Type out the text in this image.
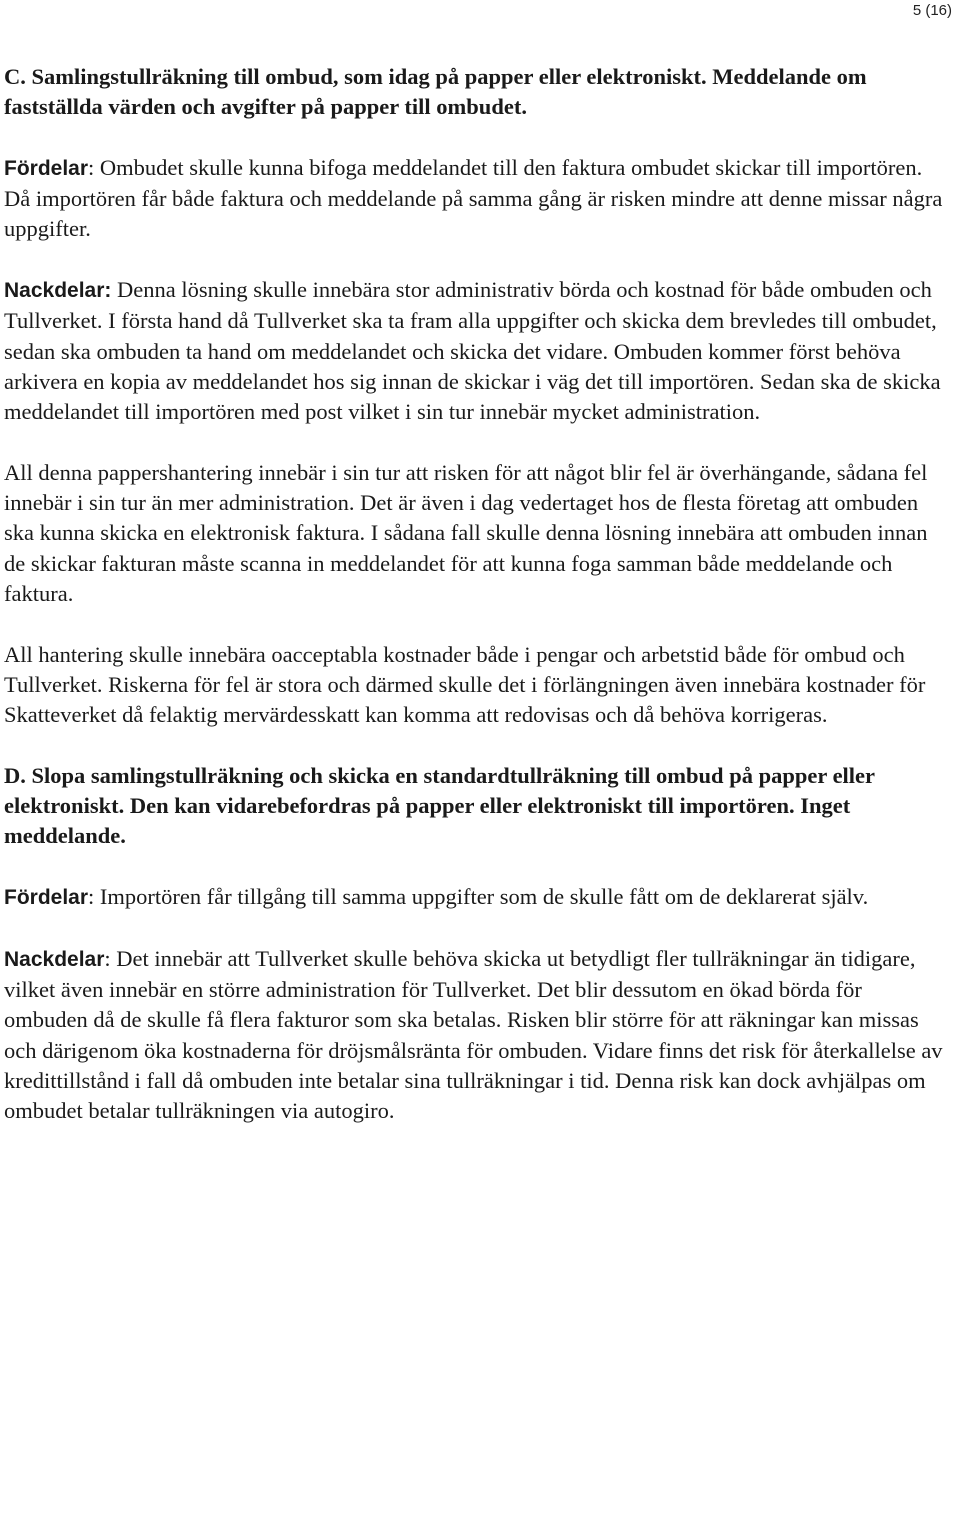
5 (16)

C. Samlingstullräkning till ombud, som idag på papper eller elektroniskt. Meddelande om fastställda värden och avgifter på papper till ombudet.

Fördelar: Ombudet skulle kunna bifoga meddelandet till den faktura ombudet skickar till importören. Då importören får både faktura och meddelande på samma gång är risken mindre att denne missar några uppgifter.

Nackdelar: Denna lösning skulle innebära stor administrativ börda och kostnad för både ombuden och Tullverket. I första hand då Tullverket ska ta fram alla uppgifter och skicka dem brevledes till ombudet, sedan ska ombuden ta hand om meddelandet och skicka det vidare. Ombuden kommer först behöva arkivera en kopia av meddelandet hos sig innan de skickar i väg det till importören. Sedan ska de skicka meddelandet till importören med post vilket i sin tur innebär mycket administration.

All denna pappershantering innebär i sin tur att risken för att något blir fel är överhängande, sådana fel innebär i sin tur än mer administration. Det är även i dag vedertaget hos de flesta företag att ombuden ska kunna skicka en elektronisk faktura. I sådana fall skulle denna lösning innebära att ombuden innan de skickar fakturan måste scanna in meddelandet för att kunna foga samman både meddelande och faktura.

All hantering skulle innebära oacceptabla kostnader både i pengar och arbetstid både för ombud och Tullverket. Riskerna för fel är stora och därmed skulle det i förlängningen även innebära kostnader för Skatteverket då felaktig mervärdesskatt kan komma att redovisas och då behöva korrigeras.

D. Slopa samlingstullräkning och skicka en standardtullräkning till ombud på papper eller elektroniskt. Den kan vidarebefordras på papper eller elektroniskt till importören. Inget meddelande.

Fördelar: Importören får tillgång till samma uppgifter som de skulle fått om de deklarerat själv.

Nackdelar: Det innebär att Tullverket skulle behöva skicka ut betydligt fler tullräkningar än tidigare, vilket även innebär en större administration för Tullverket. Det blir dessutom en ökad börda för ombuden då de skulle få flera fakturor som ska betalas. Risken blir större för att räkningar kan missas och därigenom öka kostnaderna för dröjsmålsränta för ombuden. Vidare finns det risk för återkallelse av kredittillstånd i fall då ombuden inte betalar sina tullräkningar i tid. Denna risk kan dock avhjälpas om ombudet betalar tullräkningen via autogiro.
